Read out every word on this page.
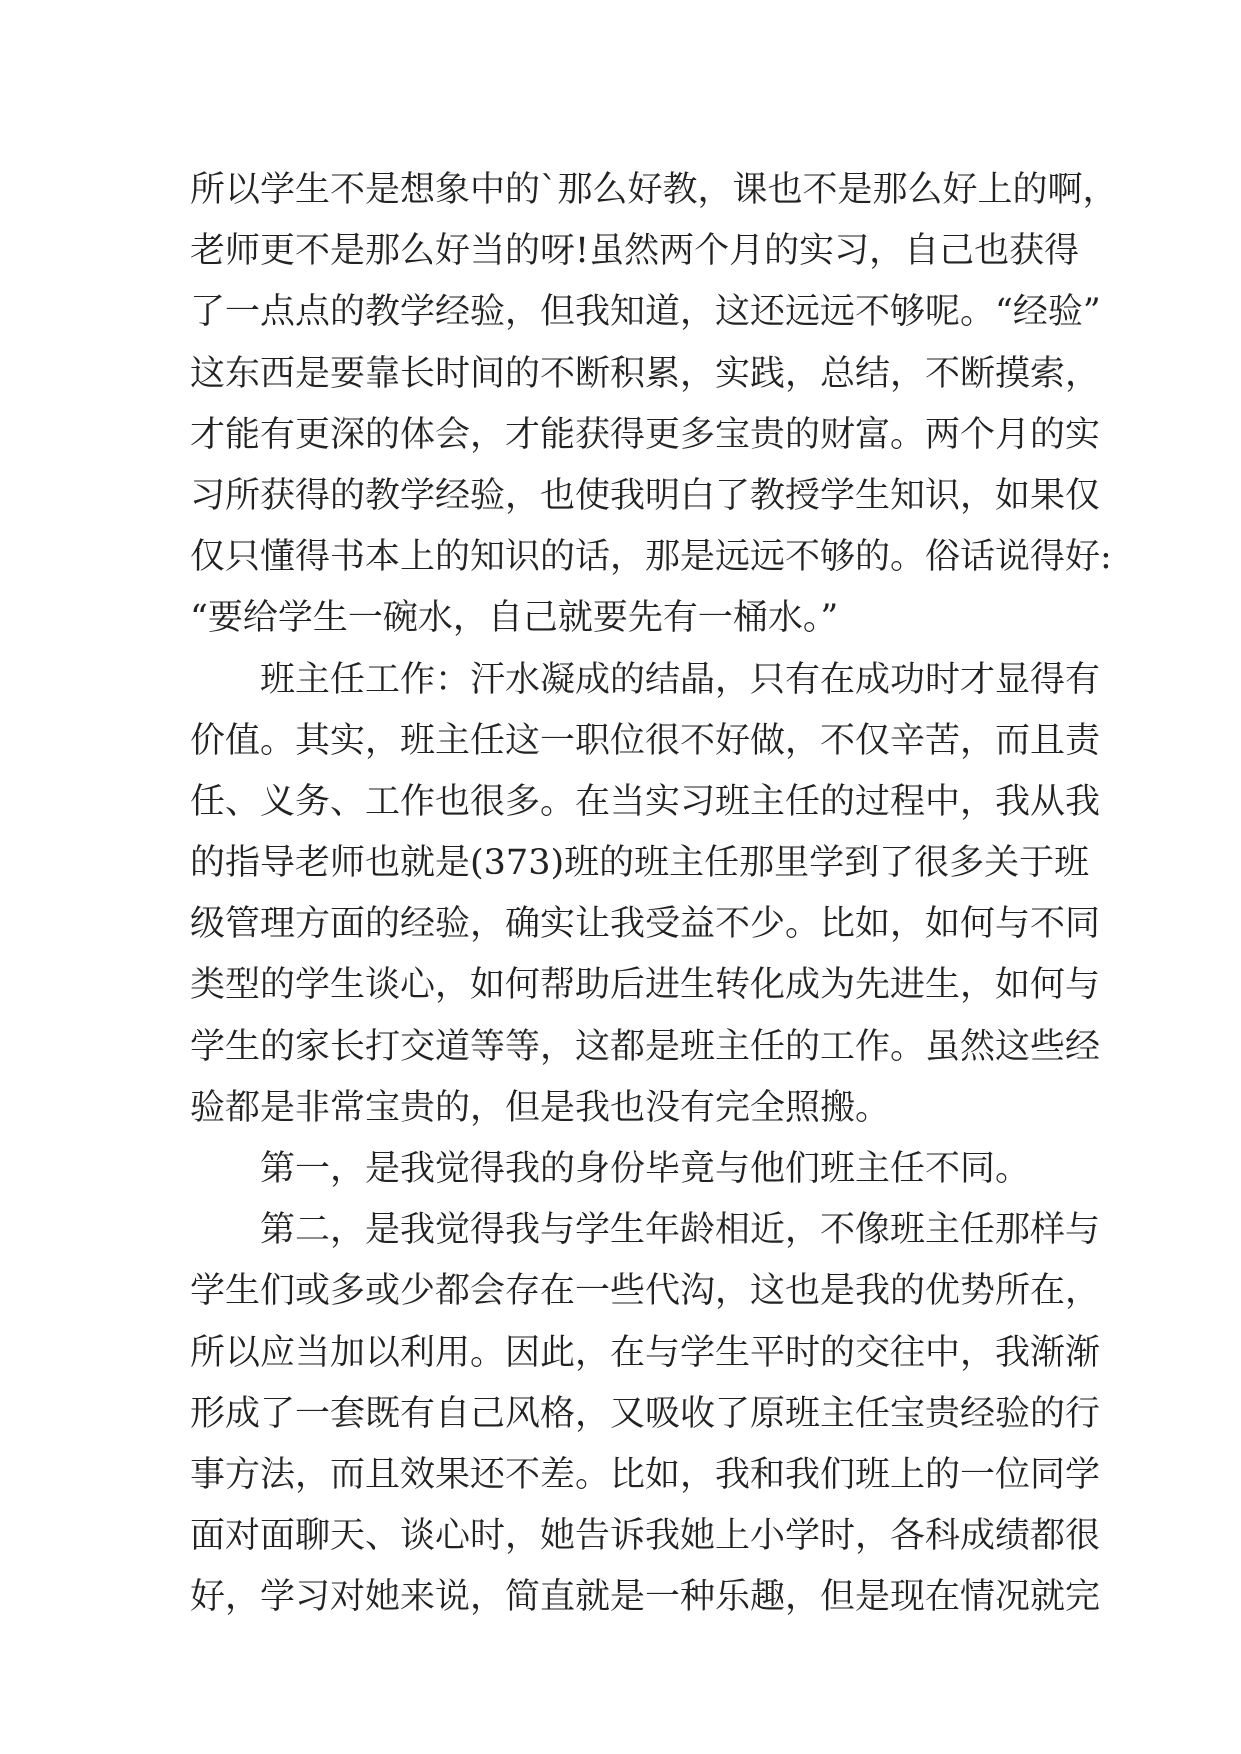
所以学生不是想象中的`那么好教，课也不是那么好上的啊，
老师更不是那么好当的呀!虽然两个月的实习，自己也获得
了一点点的教学经验，但我知道，这还远远不够呢。“经验”
这东西是要靠长时间的不断积累，实践，总结，不断摸索，
才能有更深的体会，才能获得更多宝贵的财富。两个月的实
习所获得的教学经验，也使我明白了教授学生知识，如果仅
仅只懂得书本上的知识的话，那是远远不够的。俗话说得好:
“要给学生一碗水，自己就要先有一桶水。”
班主任工作：汗水凝成的结晶，只有在成功时才显得有
价值。其实，班主任这一职位很不好做，不仅辛苦，而且责
任、义务、工作也很多。在当实习班主任的过程中，我从我
的指导老师也就是(373)班的班主任那里学到了很多关于班
级管理方面的经验，确实让我受益不少。比如，如何与不同
类型的学生谈心，如何帮助后进生转化成为先进生，如何与
学生的家长打交道等等，这都是班主任的工作。虽然这些经
验都是非常宝贵的，但是我也没有完全照搬。
第一，是我觉得我的身份毕竟与他们班主任不同。
第二，是我觉得我与学生年龄相近，不像班主任那样与
学生们或多或少都会存在一些代沟，这也是我的优势所在，
所以应当加以利用。因此，在与学生平时的交往中，我渐渐
形成了一套既有自己风格，又吸收了原班主任宝贵经验的行
事方法，而且效果还不差。比如，我和我们班上的一位同学
面对面聊天、谈心时，她告诉我她上小学时，各科成绩都很
好，学习对她来说，简直就是一种乐趣，但是现在情况就完
